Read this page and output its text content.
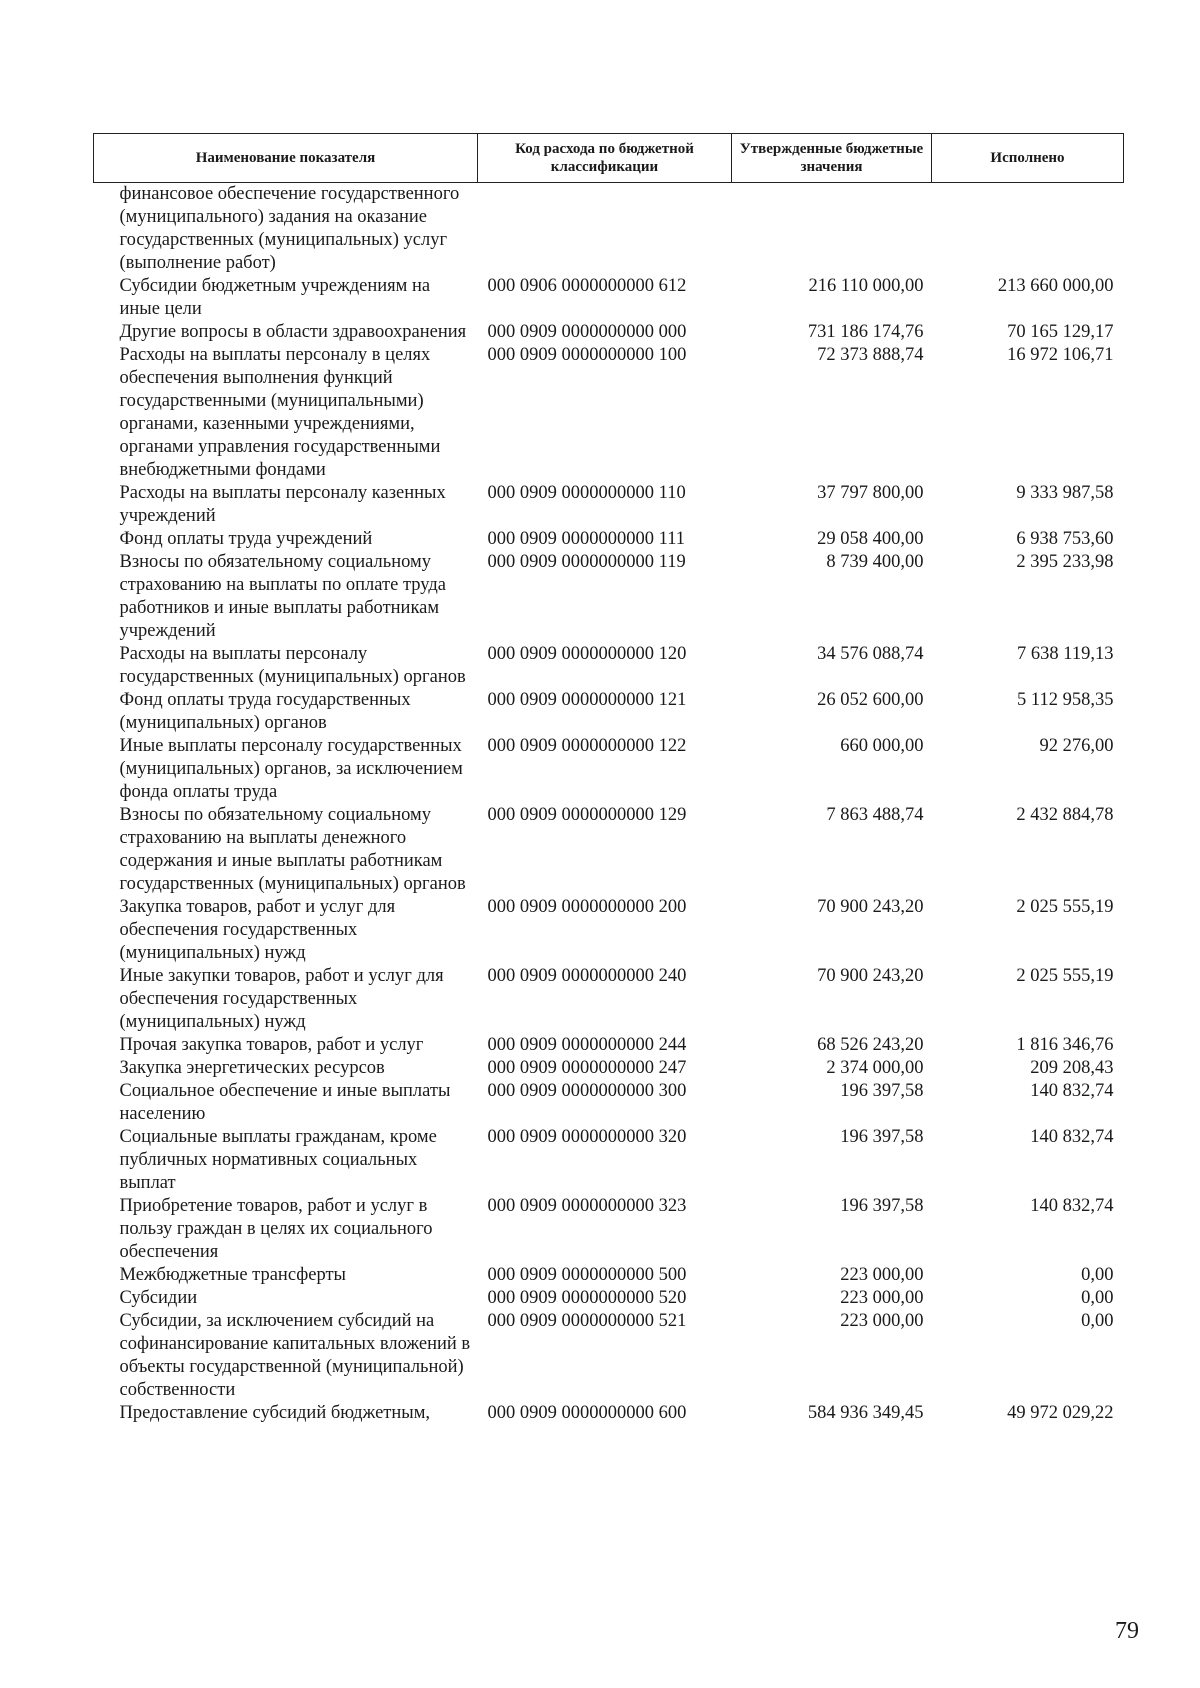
Наименование показателя	Код расхода по бюджетной классификации	Утвержденные бюджетные значения	Исполнено
финансовое обеспечение государственного (муниципального) задания на оказание государственных (муниципальных) услуг (выполнение работ)			
Субсидии бюджетным учреждениям на иные цели	000 0906 0000000000 612	216 110 000,00	213 660 000,00
Другие вопросы в области здравоохранения	000 0909 0000000000 000	731 186 174,76	70 165 129,17
Расходы на выплаты персоналу в целях обеспечения выполнения функций государственными (муниципальными) органами, казенными учреждениями, органами управления государственными внебюджетными фондами	000 0909 0000000000 100	72 373 888,74	16 972 106,71
Расходы на выплаты персоналу казенных учреждений	000 0909 0000000000 110	37 797 800,00	9 333 987,58
Фонд оплаты труда учреждений	000 0909 0000000000 111	29 058 400,00	6 938 753,60
Взносы по обязательному социальному страхованию на выплаты по оплате труда работников и иные выплаты работникам учреждений	000 0909 0000000000 119	8 739 400,00	2 395 233,98
Расходы на выплаты персоналу государственных (муниципальных) органов	000 0909 0000000000 120	34 576 088,74	7 638 119,13
Фонд оплаты труда государственных (муниципальных) органов	000 0909 0000000000 121	26 052 600,00	5 112 958,35
Иные выплаты персоналу государственных (муниципальных) органов, за исключением фонда оплаты труда	000 0909 0000000000 122	660 000,00	92 276,00
Взносы по обязательному социальному страхованию на выплаты денежного содержания и иные выплаты работникам государственных (муниципальных) органов	000 0909 0000000000 129	7 863 488,74	2 432 884,78
Закупка товаров, работ и услуг для обеспечения государственных (муниципальных) нужд	000 0909 0000000000 200	70 900 243,20	2 025 555,19
Иные закупки товаров, работ и услуг для обеспечения государственных (муниципальных) нужд	000 0909 0000000000 240	70 900 243,20	2 025 555,19
Прочая закупка товаров, работ и услуг	000 0909 0000000000 244	68 526 243,20	1 816 346,76
Закупка энергетических ресурсов	000 0909 0000000000 247	2 374 000,00	209 208,43
Социальное обеспечение и иные выплаты населению	000 0909 0000000000 300	196 397,58	140 832,74
Социальные выплаты гражданам, кроме публичных нормативных социальных выплат	000 0909 0000000000 320	196 397,58	140 832,74
Приобретение товаров, работ и услуг в пользу граждан в целях их социального обеспечения	000 0909 0000000000 323	196 397,58	140 832,74
Межбюджетные трансферты	000 0909 0000000000 500	223 000,00	0,00
Субсидии	000 0909 0000000000 520	223 000,00	0,00
Субсидии, за исключением субсидий на софинансирование капитальных вложений в объекты государственной (муниципальной) собственности	000 0909 0000000000 521	223 000,00	0,00
Предоставление субсидий бюджетным,	000 0909 0000000000 600	584 936 349,45	49 972 029,22
79
